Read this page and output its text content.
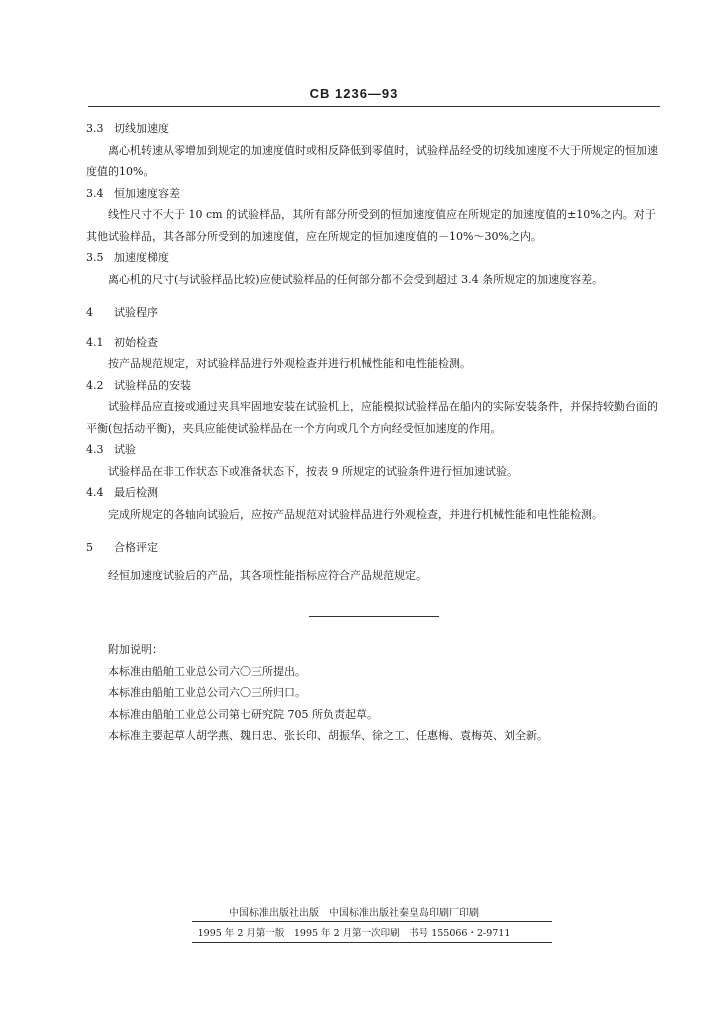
CB 1236—93
3.3 切线加速度

离心机转速从零增加到规定的加速度值时或相反降低到零值时，试验样品经受的切线加速度不大于所规定的恒加速度值的10%。

3.4 恒加速度容差

线性尺寸不大于 10 cm 的试验样品，其所有部分所受到的恒加速度值应在所规定的加速度值的±10%之内。对于其他试验样品，其各部分所受到的加速度值，应在所规定的恒加速度值的－10%～30%之内。

3.5 加速度梯度

离心机的尺寸(与试验样品比较)应使试验样品的任何部分都不会受到超过 3.4 条所规定的加速度容差。

4 试验程序
4.1 初始检查

按产品规范规定，对试验样品进行外观检查并进行机械性能和电性能检测。

4.2 试验样品的安装

试验样品应直接或通过夹具牢固地安装在试验机上，应能模拟试验样品在船内的实际安装条件，并保持较勤台面的平衡(包括动平衡)，夹具应能使试验样品在一个方向或几个方向经受恒加速度的作用。

4.3 试验

试验样品在非工作状态下或准备状态下，按表 9 所规定的试验条件进行恒加速试验。

4.4 最后检测

完成所规定的各轴向试验后，应按产品规范对试验样品进行外观检查，并进行机械性能和电性能检测。

5 合格评定

经恒加速度试验后的产品，其各项性能指标应符合产品规范规定。

附加说明：

本标准由船舶工业总公司六〇三所提出。

本标准由船舶工业总公司六〇三所归口。

本标准由船舶工业总公司第七研究院 705 所负责起草。

本标准主要起草人胡学燕、魏日忠、张长印、胡振华、徐之工、任惠梅、袁梅英、刘全新。

中国标准出版社出版　中国标准出版社秦皇岛印刷厂印刷
1995 年 2 月第一版　1995 年 2 月第一次印刷　书号 155066・2-9711
